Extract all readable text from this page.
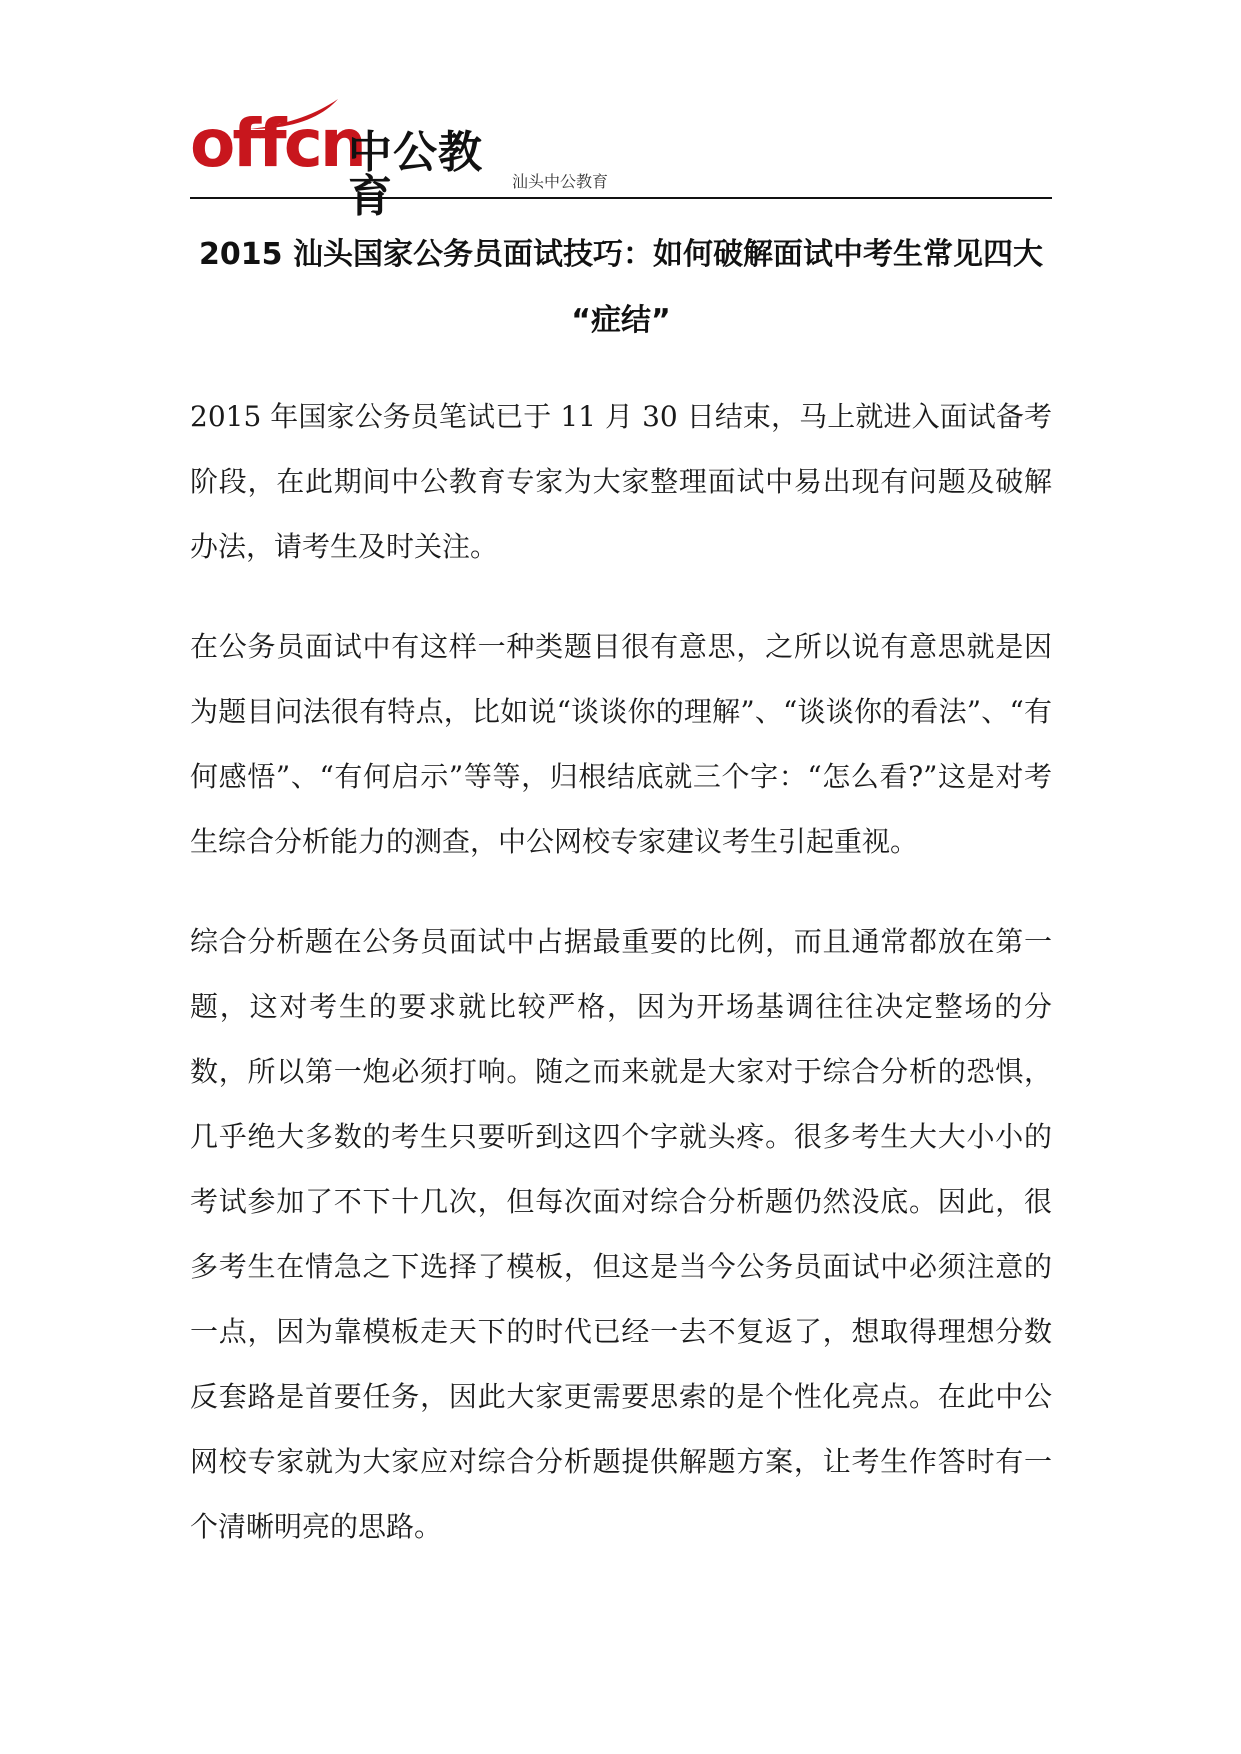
offcn
中公教育	汕头中公教育
2015 汕头国家公务员面试技巧：如何破解面试中考生常见四大
“症结”

2015 年国家公务员笔试已于 11 月 30 日结束，马上就进入面试备考阶段，在此期间中公教育专家为大家整理面试中易出现有问题及破解办法，请考生及时关注。

在公务员面试中有这样一种类题目很有意思，之所以说有意思就是因为题目问法很有特点，比如说“谈谈你的理解”、“谈谈你的看法”、“有何感悟”、“有何启示”等等，归根结底就三个字：“怎么看?”这是对考生综合分析能力的测查，中公网校专家建议考生引起重视。

综合分析题在公务员面试中占据最重要的比例，而且通常都放在第一题，这对考生的要求就比较严格，因为开场基调往往决定整场的分数，所以第一炮必须打响。随之而来就是大家对于综合分析的恐惧，几乎绝大多数的考生只要听到这四个字就头疼。很多考生大大小小的考试参加了不下十几次，但每次面对综合分析题仍然没底。因此，很多考生在情急之下选择了模板，但这是当今公务员面试中必须注意的一点，因为靠模板走天下的时代已经一去不复返了，想取得理想分数反套路是首要任务，因此大家更需要思索的是个性化亮点。在此中公网校专家就为大家应对综合分析题提供解题方案，让考生作答时有一个清晰明亮的思路。
